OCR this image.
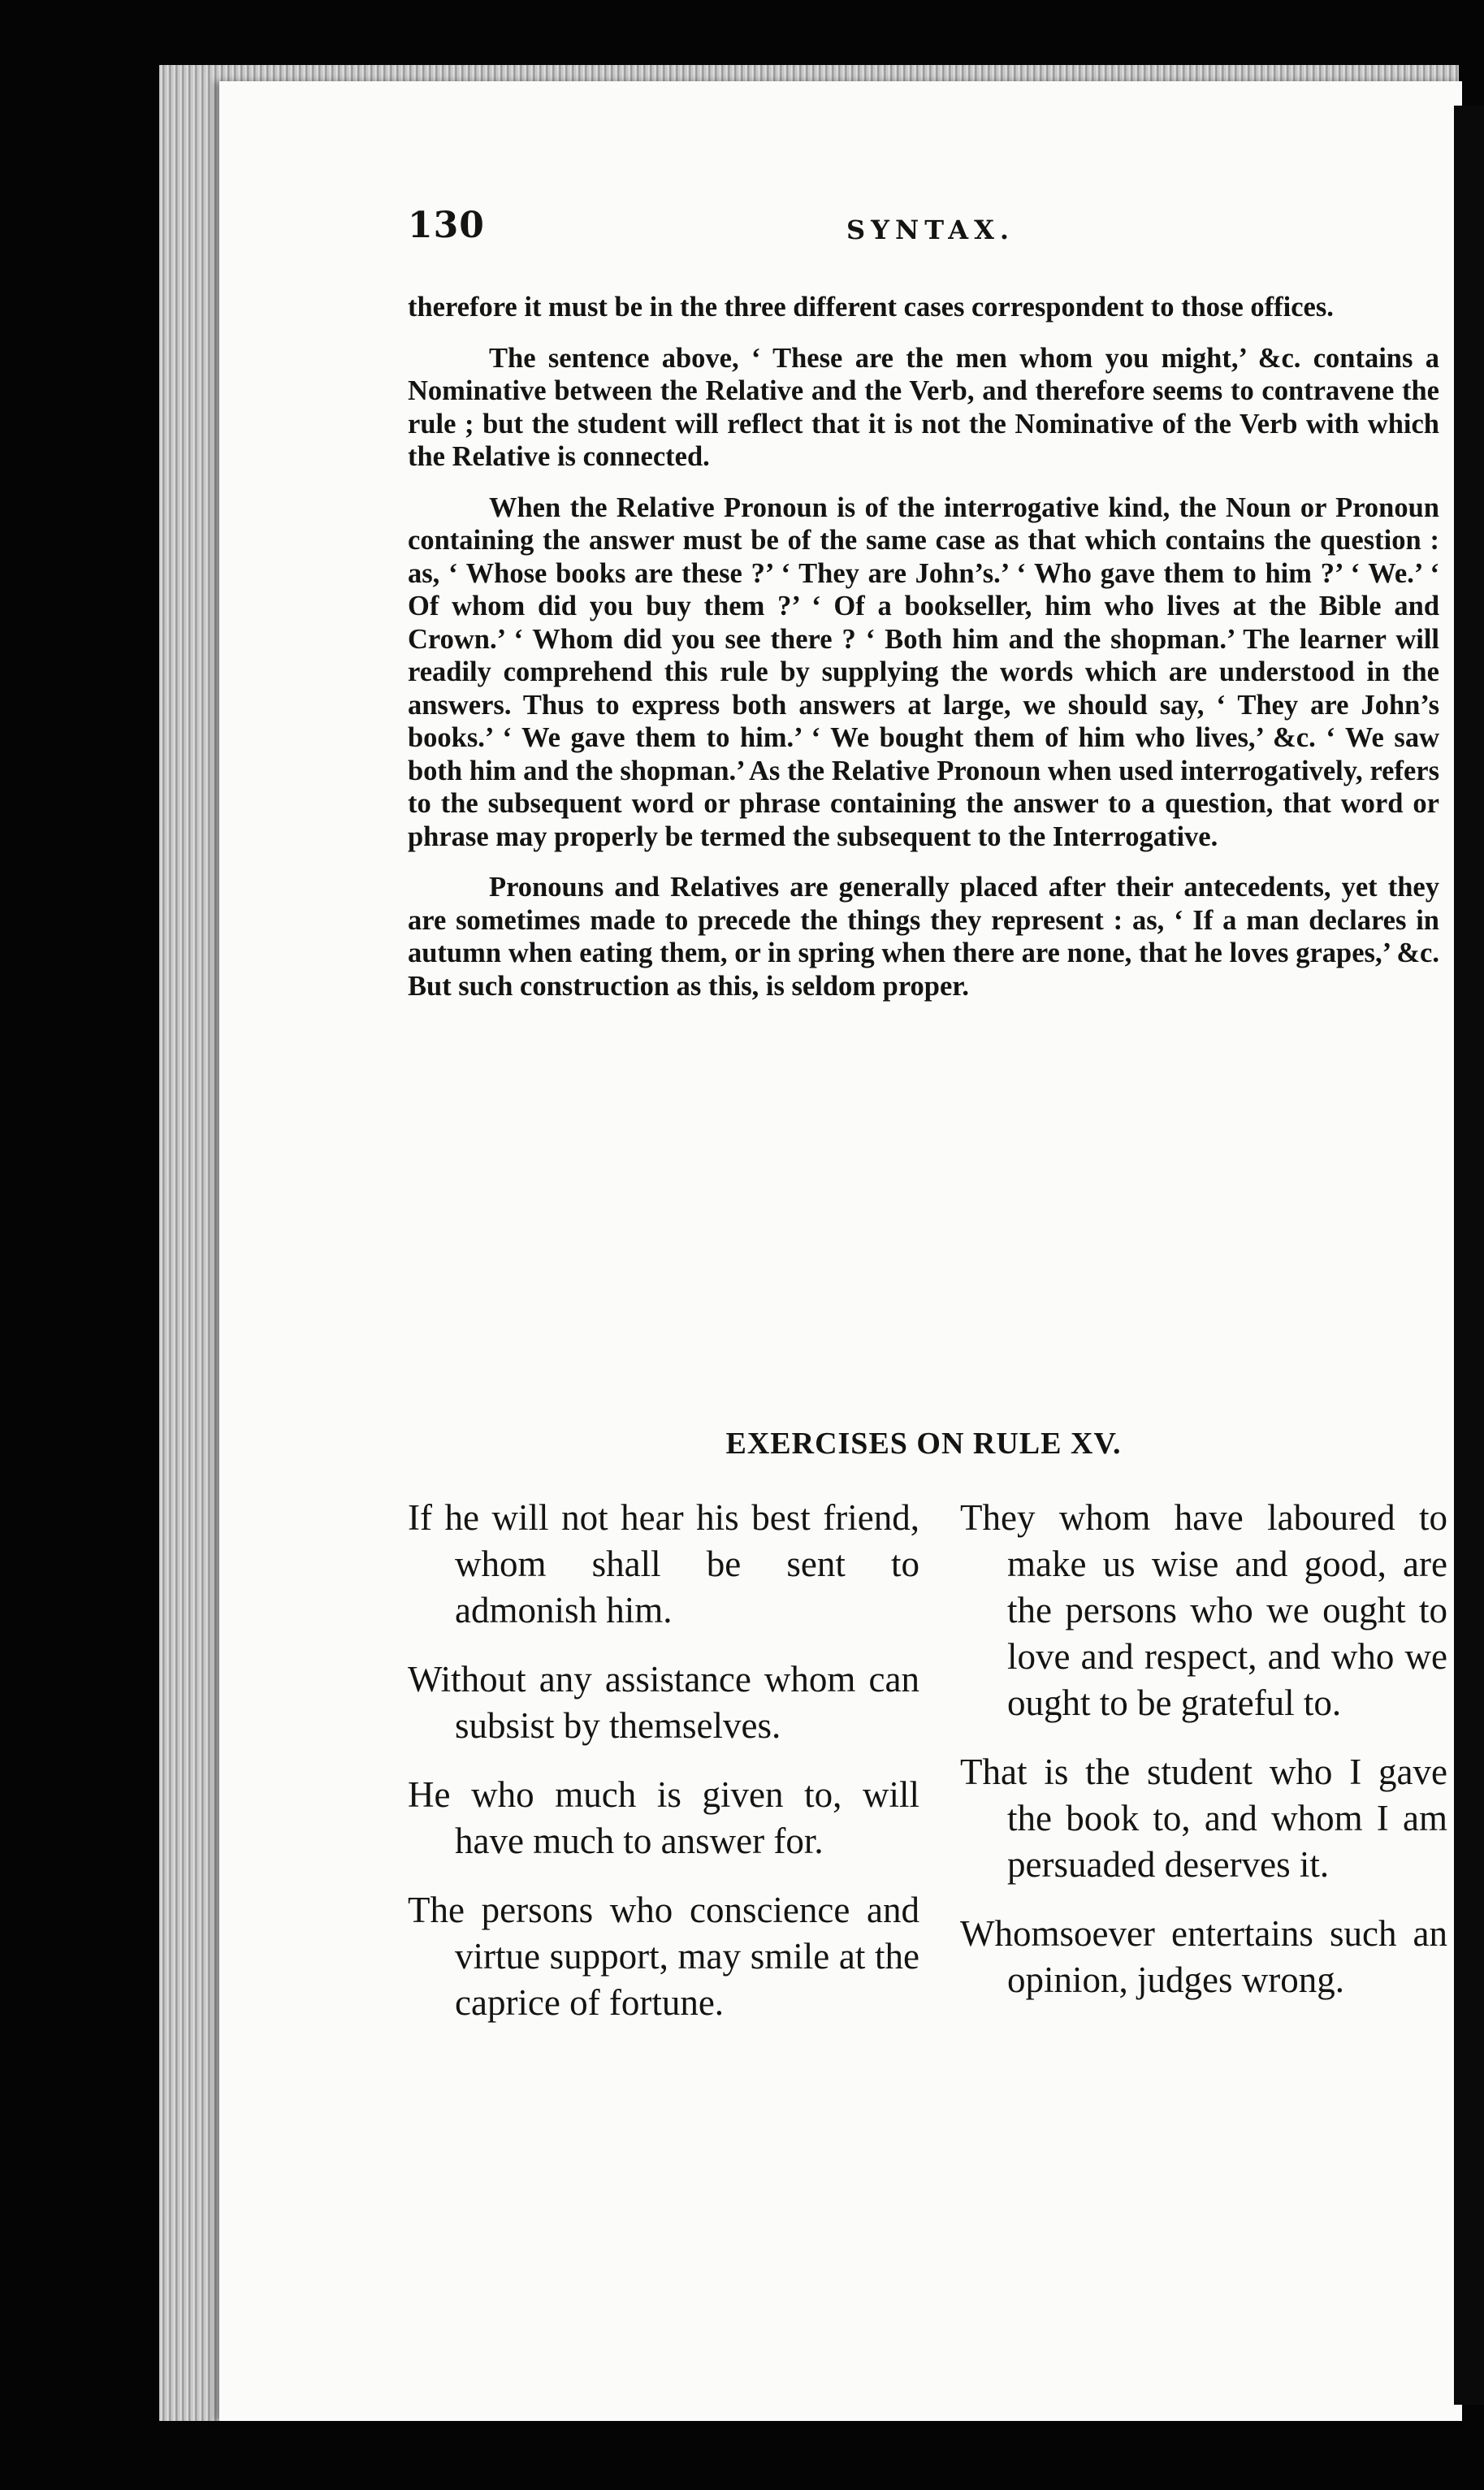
130	SYNTAX.

therefore it must be in the three different cases correspondent to those offices.

The sentence above, ‘ These are the men whom you might,’ &c. contains a Nominative between the Relative and the Verb, and therefore seems to contravene the rule ; but the student will reflect that it is not the Nominative of the Verb with which the Relative is connected.

When the Relative Pronoun is of the interrogative kind, the Noun or Pronoun containing the answer must be of the same case as that which contains the question : as, ‘ Whose books are these ?’ ‘ They are John’s.’ ‘ Who gave them to him ?’ ‘ We.’ ‘ Of whom did you buy them ?’ ‘ Of a bookseller, him who lives at the Bible and Crown.’ ‘ Whom did you see there ? ‘ Both him and the shopman.’ The learner will readily comprehend this rule by supplying the words which are understood in the answers. Thus to express both answers at large, we should say, ‘ They are John’s books.’ ‘ We gave them to him.’ ‘ We bought them of him who lives,’ &c. ‘ We saw both him and the shopman.’ As the Relative Pronoun when used interrogatively, refers to the subsequent word or phrase containing the answer to a question, that word or phrase may properly be termed the subsequent to the Interrogative.

Pronouns and Relatives are generally placed after their antecedents, yet they are sometimes made to precede the things they represent : as, ‘ If a man declares in autumn when eating them, or in spring when there are none, that he loves grapes,’ &c. But such construction as this, is seldom proper.

EXERCISES ON RULE XV.

If he will not hear his best friend, whom shall be sent to admonish him.

Without any assistance whom can subsist by themselves.

He who much is given to, will have much to answer for.

The persons who conscience and virtue support, may smile at the caprice of fortune.

They whom have laboured to make us wise and good, are the persons who we ought to love and respect, and who we ought to be grateful to.

That is the student who I gave the book to, and whom I am persuaded deserves it.

Whomsoever entertains such an opinion, judges wrong.
